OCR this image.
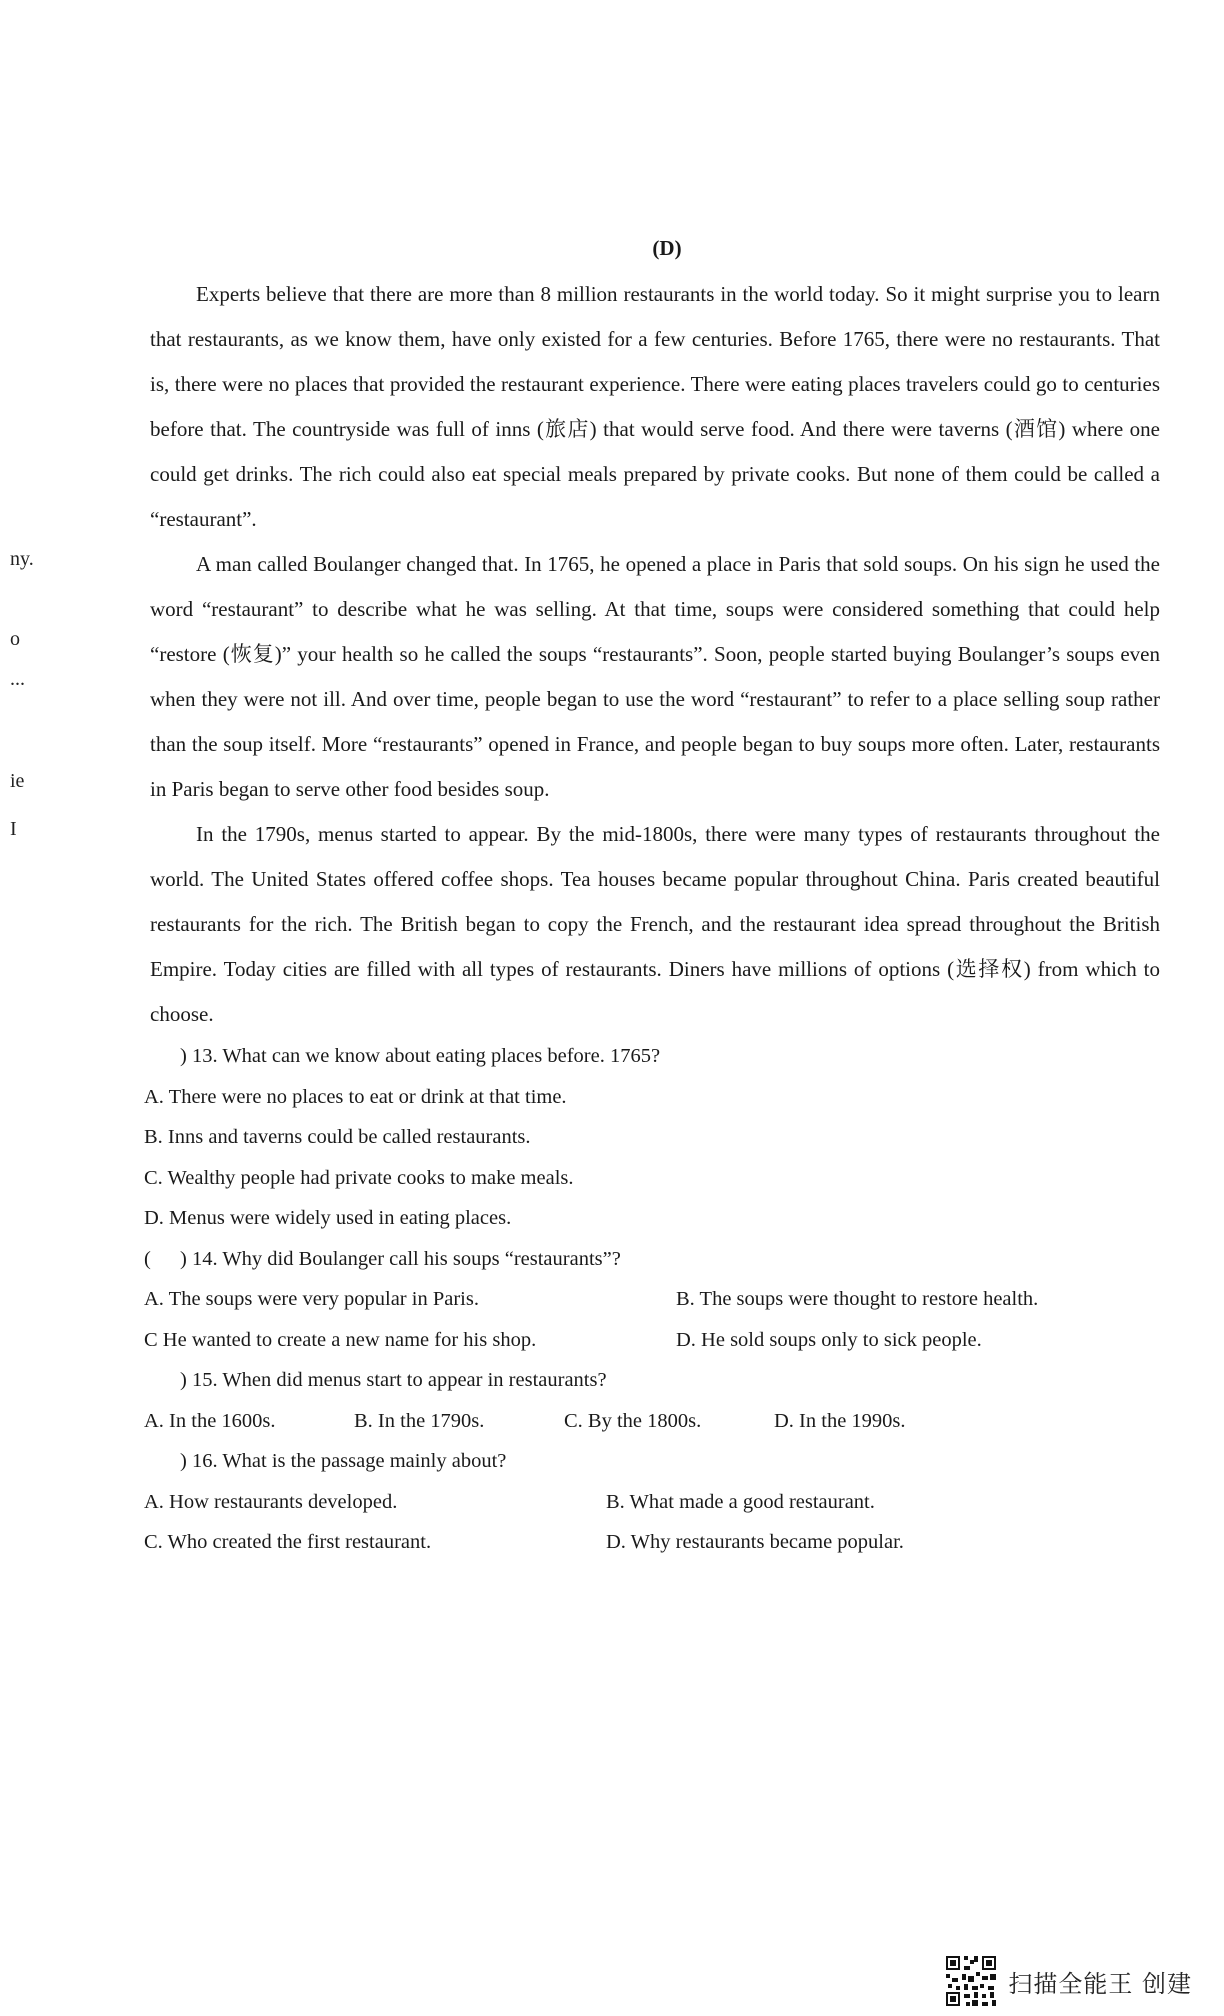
ny.
o
...
ie
I
(D)

Experts believe that there are more than 8 million restaurants in the world today. So it might surprise you to learn that restaurants, as we know them, have only existed for a few centuries. Before 1765, there were no restaurants. That is, there were no places that provided the restaurant experience. There were eating places travelers could go to centuries before that. The countryside was full of inns (旅店) that would serve food. And there were taverns (酒馆) where one could get drinks. The rich could also eat special meals prepared by private cooks. But none of them could be called a “restaurant”.

A man called Boulanger changed that. In 1765, he opened a place in Paris that sold soups. On his sign he used the word “restaurant” to describe what he was selling. At that time, soups were considered something that could help “restore (恢复)” your health so he called the soups “restaurants”. Soon, people started buying Boulanger’s soups even when they were not ill. And over time, people began to use the word “restaurant” to refer to a place selling soup rather than the soup itself. More “restaurants” opened in France, and people began to buy soups more often. Later, restaurants in Paris began to serve other food besides soup.

In the 1790s, menus started to appear. By the mid-1800s, there were many types of restaurants throughout the world. The United States offered coffee shops. Tea houses became popular throughout China. Paris created beautiful restaurants for the rich. The British began to copy the French, and the restaurant idea spread throughout the British Empire. Today cities are filled with all types of restaurants. Diners have millions of options (选择权) from which to choose.

) 13. What can we know about eating places before. 1765?
A. There were no places to eat or drink at that time.
B. Inns and taverns could be called restaurants.
C. Wealthy people had private cooks to make meals.
D. Menus were widely used in eating places.
(	) 14. Why did Boulanger call his soups “restaurants”?
A. The soups were very popular in Paris.	B. The soups were thought to restore health.
C He wanted to create a new name for his shop.	D. He sold soups only to sick people.
) 15. When did menus start to appear in restaurants?
A. In the 1600s.	B. In the 1790s.	C. By the 1800s.	D. In the 1990s.
) 16. What is the passage mainly about?
A. How restaurants developed.	B. What made a good restaurant.
C. Who created the first restaurant.	D. Why restaurants became popular.
扫描全能王 创建
